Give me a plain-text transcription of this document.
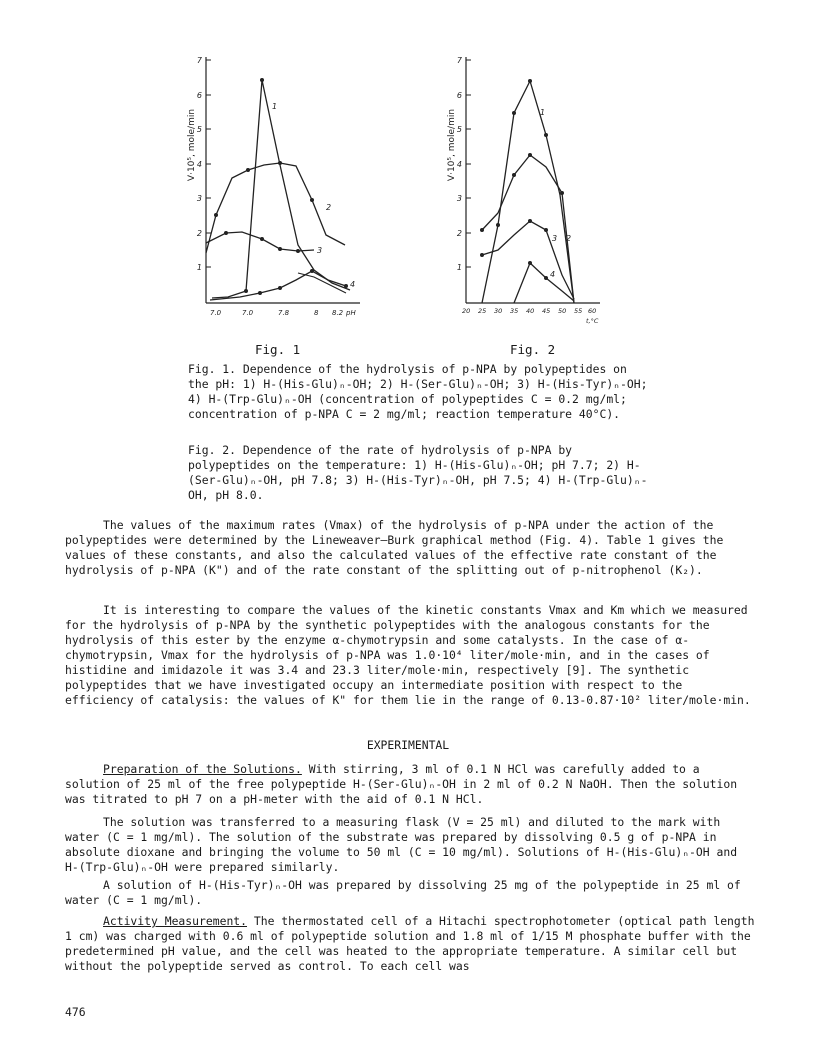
1
2
3
4
5
6
7
V·10⁵, mole/min
7.0	7.0	7.8	8 8.2 pH
1
2
3
4
Fig. 1
1
2
3
4
5
6
7
V·10⁵, mole/min
20 25 30 35 40 45 50 55 60
t,°C
1
2
3
4
Fig. 2

Fig. 1. Dependence of the hydrolysis of p-NPA by polypeptides on the pH: 1) H-(His-Glu)ₙ-OH; 2) H-(Ser-Glu)ₙ-OH; 3) H-(His-Tyr)ₙ-OH; 4) H-(Trp-Glu)ₙ-OH (concentration of polypeptides C = 0.2 mg/ml; concentration of p-NPA C = 2 mg/ml; reaction temperature 40°C).

Fig. 2. Dependence of the rate of hydrolysis of p-NPA by polypeptides on the temperature: 1) H-(His-Glu)ₙ-OH; pH 7.7; 2) H-(Ser-Glu)ₙ-OH, pH 7.8; 3) H-(His-Tyr)ₙ-OH, pH 7.5; 4) H-(Trp-Glu)ₙ-OH, pH 8.0.

The values of the maximum rates (Vmax) of the hydrolysis of p-NPA under the action of the polypeptides were determined by the Lineweaver–Burk graphical method (Fig. 4). Table 1 gives the values of these constants, and also the calculated values of the effective rate constant of the hydrolysis of p-NPA (K") and of the rate constant of the splitting out of p-nitrophenol (K₂).

It is interesting to compare the values of the kinetic constants Vmax and Km which we measured for the hydrolysis of p-NPA by the synthetic polypeptides with the analogous constants for the hydrolysis of this ester by the enzyme α-chymotrypsin and some catalysts. In the case of α-chymotrypsin, Vmax for the hydrolysis of p-NPA was 1.0·10⁴ liter/mole·min, and in the cases of histidine and imidazole it was 3.4 and 23.3 liter/mole·min, respectively [9]. The synthetic polypeptides that we have investigated occupy an intermediate position with respect to the efficiency of catalysis: the values of K" for them lie in the range of 0.13-0.87·10² liter/mole·min.

EXPERIMENTAL

Preparation of the Solutions. With stirring, 3 ml of 0.1 N HCl was carefully added to a solution of 25 ml of the free polypeptide H-(Ser-Glu)ₙ-OH in 2 ml of 0.2 N NaOH. Then the solution was titrated to pH 7 on a pH-meter with the aid of 0.1 N HCl.

The solution was transferred to a measuring flask (V = 25 ml) and diluted to the mark with water (C = 1 mg/ml). The solution of the substrate was prepared by dissolving 0.5 g of p-NPA in absolute dioxane and bringing the volume to 50 ml (C = 10 mg/ml). Solutions of H-(His-Glu)ₙ-OH and H-(Trp-Glu)ₙ-OH were prepared similarly.

A solution of H-(His-Tyr)ₙ-OH was prepared by dissolving 25 mg of the polypeptide in 25 ml of water (C = 1 mg/ml).

Activity Measurement. The thermostated cell of a Hitachi spectrophotometer (optical path length 1 cm) was charged with 0.6 ml of polypeptide solution and 1.8 ml of 1/15 M phosphate buffer with the predetermined pH value, and the cell was heated to the appropriate temperature. A similar cell but without the polypeptide served as control. To each cell was

476
